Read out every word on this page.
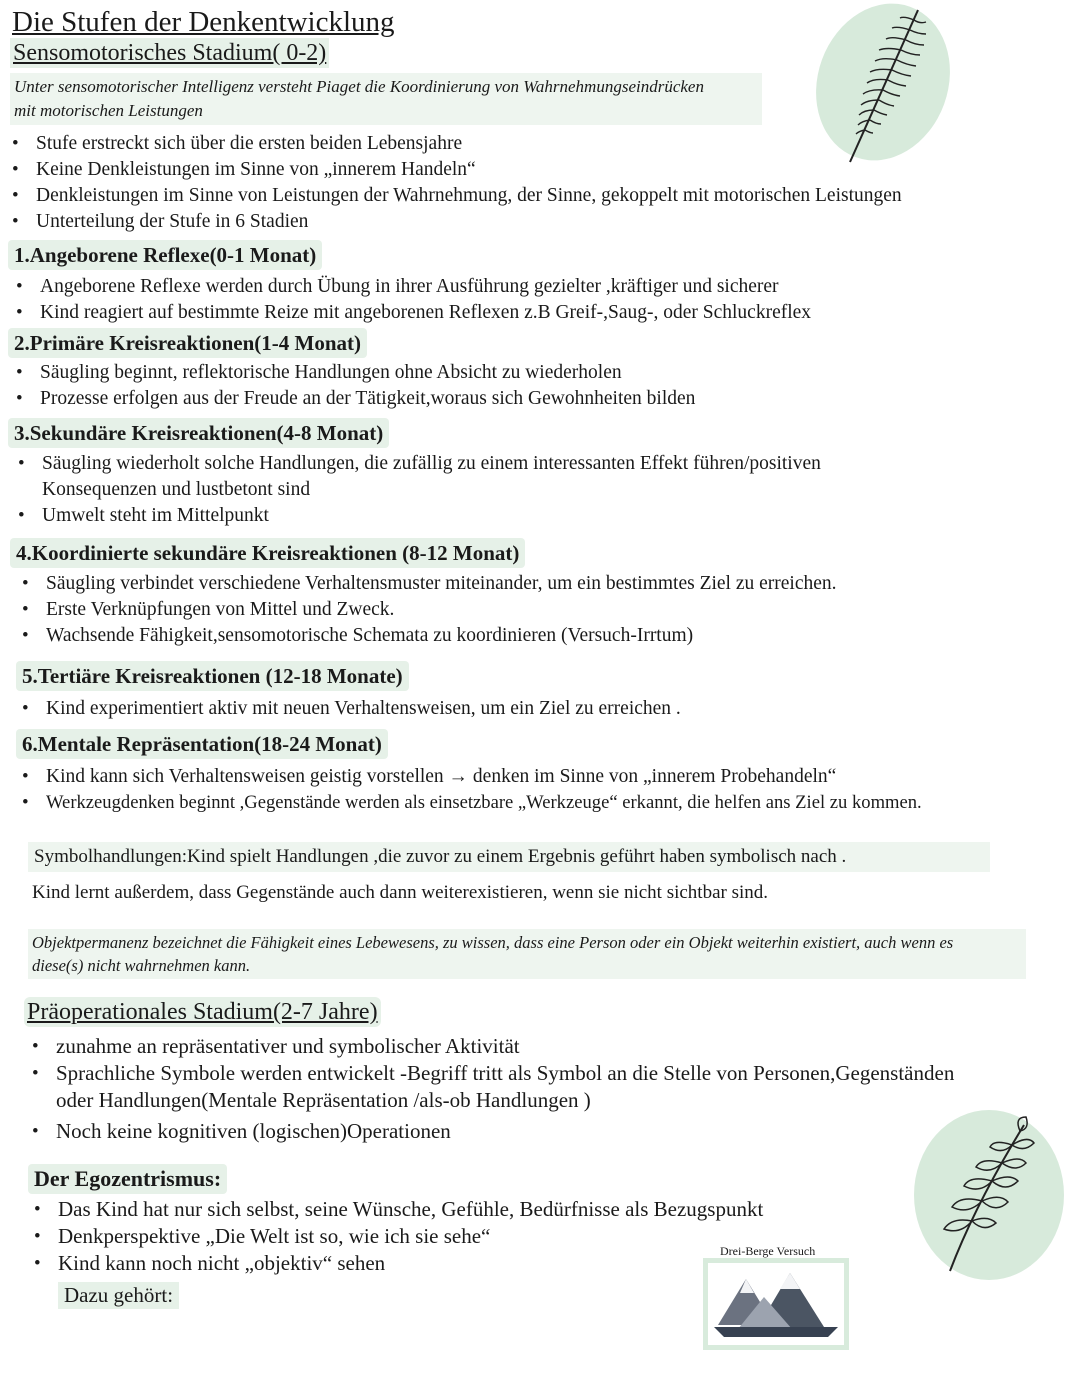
Die Stufen der Denkentwicklung
Sensomotorisches Stadium( 0-2)
Unter sensomotorischer Intelligenz versteht Piaget die Koordinierung von Wahrnehmungseindrücken
mit motorischen Leistungen
• Stufe erstreckt sich über die ersten beiden Lebensjahre
• Keine Denkleistungen im Sinne von „innerem Handeln“
• Denkleistungen im Sinne von Leistungen der Wahrnehmung, der Sinne, gekoppelt mit motorischen Leistungen
• Unterteilung der Stufe in 6 Stadien
1.Angeborene Reflexe(0-1 Monat)
• Angeborene Reflexe werden durch Übung in ihrer Ausführung gezielter ,kräftiger und sicherer
• Kind reagiert auf bestimmte Reize mit angeborenen Reflexen z.B Greif-,Saug-, oder Schluckreflex
2.Primäre Kreisreaktionen(1-4 Monat)
• Säugling beginnt, reflektorische Handlungen ohne Absicht zu wiederholen
• Prozesse erfolgen aus der Freude an der Tätigkeit,woraus sich Gewohnheiten bilden
3.Sekundäre Kreisreaktionen(4-8 Monat)
• Säugling wiederholt solche Handlungen, die zufällig zu einem interessanten Effekt führen/positiven
Konsequenzen und lustbetont sind
• Umwelt steht im Mittelpunkt
4.Koordinierte sekundäre Kreisreaktionen (8-12 Monat)
• Säugling verbindet verschiedene Verhaltensmuster miteinander, um ein bestimmtes Ziel zu erreichen.
• Erste Verknüpfungen von Mittel und Zweck.
• Wachsende Fähigkeit,sensomotorische Schemata zu koordinieren (Versuch-Irrtum)
5.Tertiäre Kreisreaktionen (12-18 Monate)
• Kind experimentiert aktiv mit neuen Verhaltensweisen, um ein Ziel zu erreichen .
6.Mentale Repräsentation(18-24 Monat)
• Kind kann sich Verhaltensweisen geistig vorstellen → denken im Sinne von „innerem Probehandeln“
• Werkzeugdenken beginnt ,Gegenstände werden als einsetzbare „Werkzeuge“ erkannt, die helfen ans Ziel zu kommen.
Symbolhandlungen:Kind spielt Handlungen ,die zuvor zu einem Ergebnis geführt haben symbolisch nach .
Kind lernt außerdem, dass Gegenstände auch dann weiterexistieren, wenn sie nicht sichtbar sind.
Objektpermanenz bezeichnet die Fähigkeit eines Lebewesens, zu wissen, dass eine Person oder ein Objekt weiterhin existiert, auch wenn es
diese(s) nicht wahrnehmen kann.
Präoperationales Stadium(2-7 Jahre)
• zunahme an repräsentativer und symbolischer Aktivität
• Sprachliche Symbole werden entwickelt -Begriff tritt als Symbol an die Stelle von Personen,Gegenständen
oder Handlungen(Mentale Repräsentation /als-ob Handlungen )
• Noch keine kognitiven (logischen)Operationen
Der Egozentrismus:
• Das Kind hat nur sich selbst, seine Wünsche, Gefühle, Bedürfnisse als Bezugspunkt
• Denkperspektive „Die Welt ist so, wie ich sie sehe“
• Kind kann noch nicht „objektiv“ sehen
Dazu gehört:
Drei-Berge Versuch
